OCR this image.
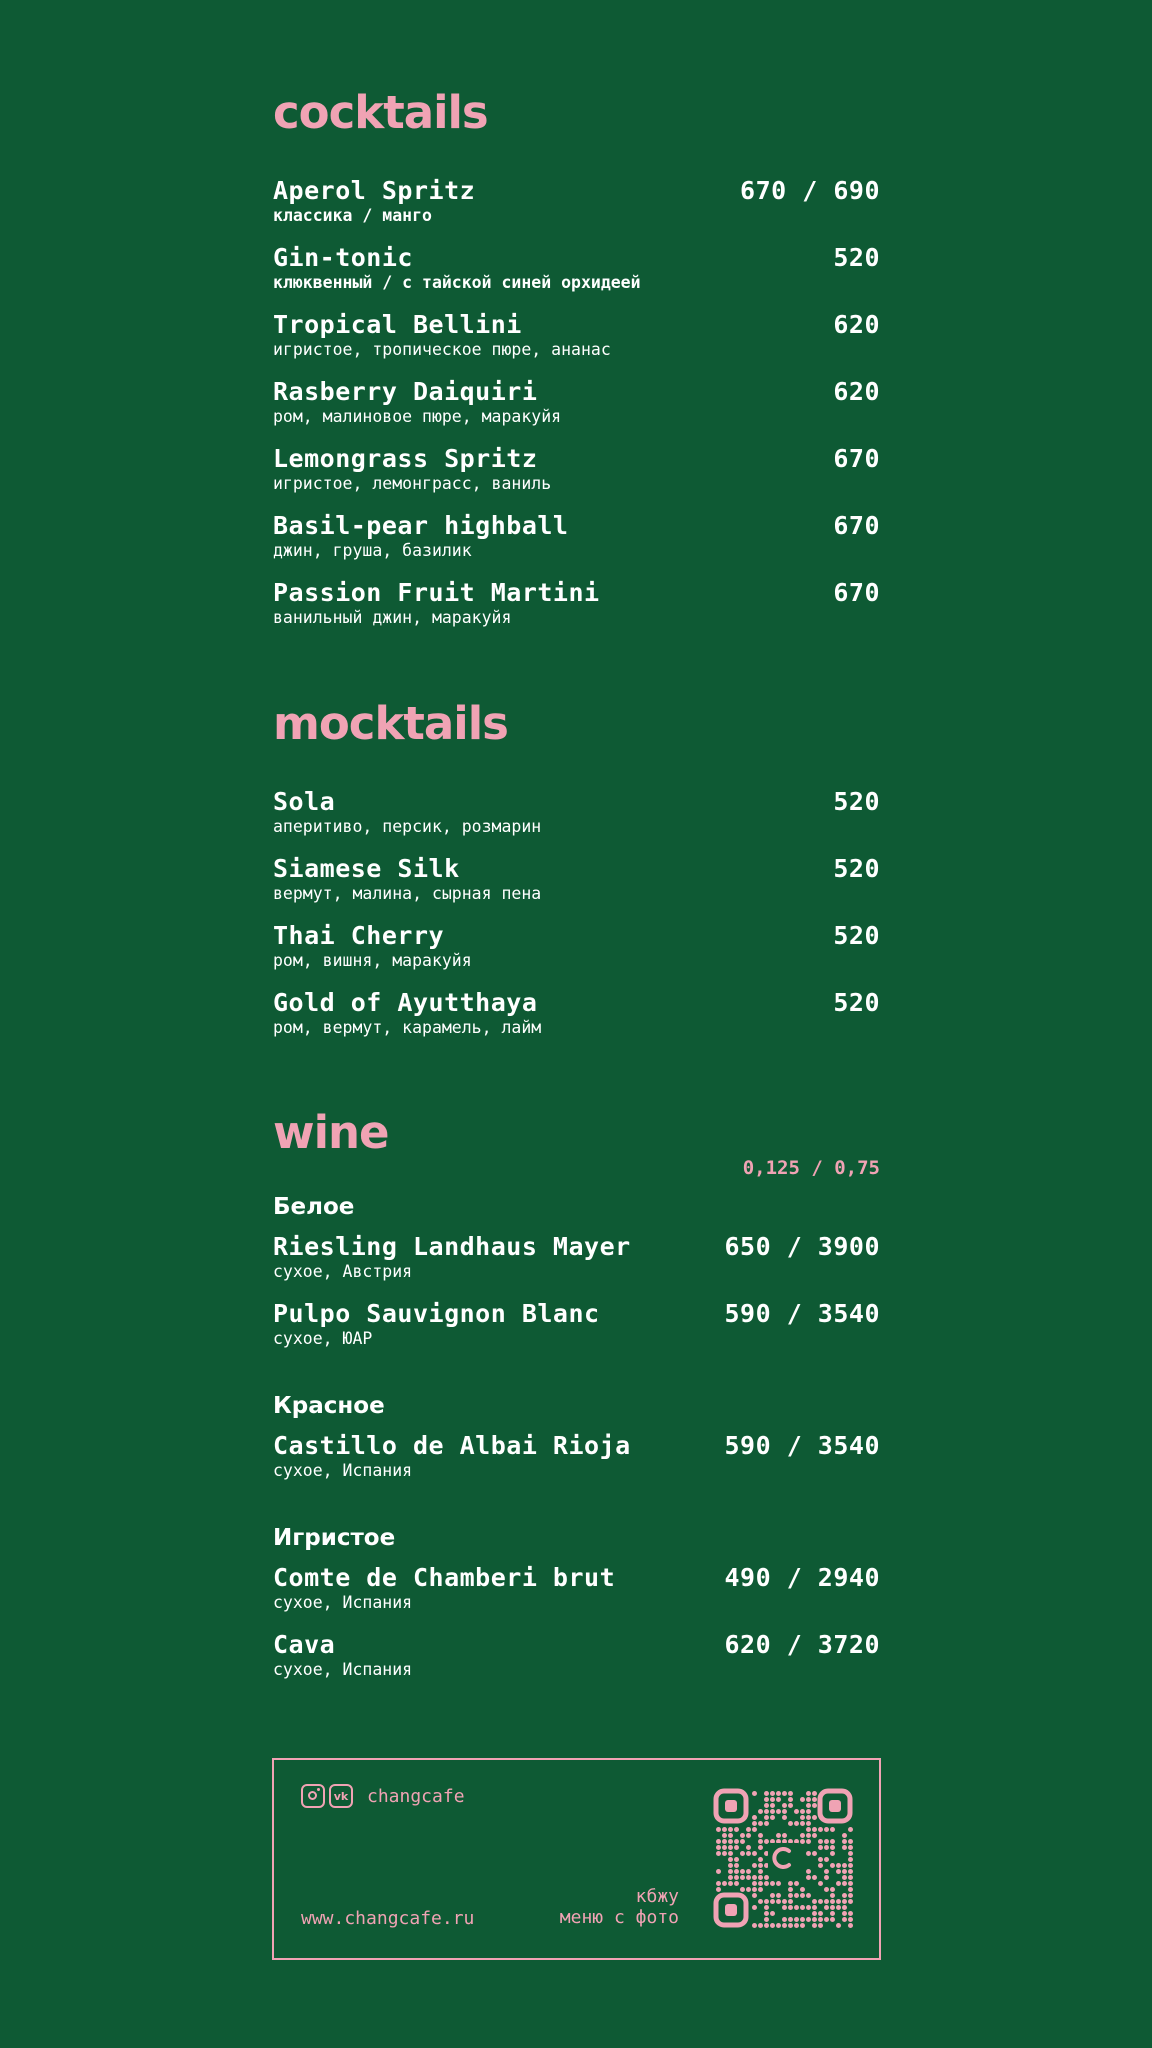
cocktails
Aperol Spritz	670 / 690
классика / манго
Gin-tonic	520
клюквенный / с тайской синей орхидеей
Tropical Bellini	620
игристое, тропическое пюре, ананас
Rasberry Daiquiri	620
ром, малиновое пюре, маракуйя
Lemongrass Spritz	670
игристое, лемонграсс, ваниль
Basil-pear highball	670
джин, груша, базилик
Passion Fruit Martini	670
ванильный джин, маракуйя
mocktails
Sola	520
аперитиво, персик, розмарин
Siamese Silk	520
вермут, малина, сырная пена
Thai Cherry	520
ром, вишня, маракуйя
Gold of Ayutthaya	520
ром, вермут, карамель, лайм
wine
0,125 / 0,75
Белое
Riesling Landhaus Mayer	650 / 3900
сухое, Австрия
Pulpo Sauvignon Blanc	590 / 3540
сухое, ЮАР
Красное
Castillo de Albai Rioja	590 / 3540
сухое, Испания
Игристое
Comte de Chamberi brut	490 / 2940
сухое, Испания
Cava	620 / 3720
сухое, Испания
vk changcafe
www.changcafe.ru
кбжу
меню с фото
